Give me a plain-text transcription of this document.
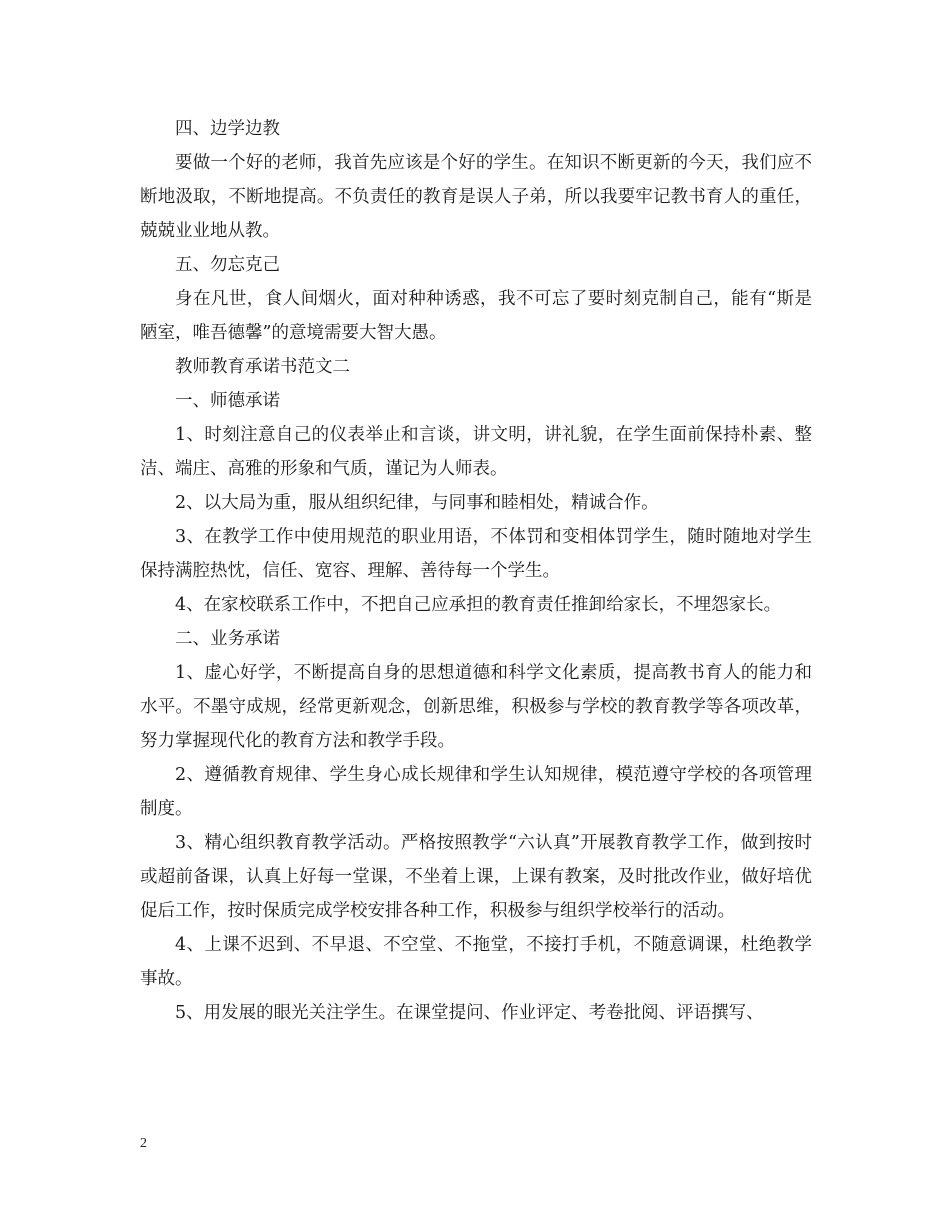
四、边学边教

要做一个好的老师，我首先应该是个好的学生。在知识不断更新的今天，我们应不断地汲取，不断地提高。不负责任的教育是误人子弟，所以我要牢记教书育人的重任，兢兢业业地从教。

五、勿忘克己

身在凡世，食人间烟火，面对种种诱惑，我不可忘了要时刻克制自己，能有“斯是陋室，唯吾德馨”的意境需要大智大愚。

教师教育承诺书范文二

一、师德承诺

1、时刻注意自己的仪表举止和言谈，讲文明，讲礼貌，在学生面前保持朴素、整洁、端庄、高雅的形象和气质，谨记为人师表。

2、以大局为重，服从组织纪律，与同事和睦相处，精诚合作。

3、在教学工作中使用规范的职业用语，不体罚和变相体罚学生，随时随地对学生保持满腔热忱，信任、宽容、理解、善待每一个学生。

4、在家校联系工作中，不把自己应承担的教育责任推卸给家长，不埋怨家长。

二、业务承诺

1、虚心好学，不断提高自身的思想道德和科学文化素质，提高教书育人的能力和水平。不墨守成规，经常更新观念，创新思维，积极参与学校的教育教学等各项改革，努力掌握现代化的教育方法和教学手段。

2、遵循教育规律、学生身心成长规律和学生认知规律，模范遵守学校的各项管理制度。

3、精心组织教育教学活动。严格按照教学“六认真”开展教育教学工作，做到按时或超前备课，认真上好每一堂课，不坐着上课，上课有教案，及时批改作业，做好培优促后工作，按时保质完成学校安排各种工作，积极参与组织学校举行的活动。

4、上课不迟到、不早退、不空堂、不拖堂，不接打手机，不随意调课，杜绝教学事故。

5、用发展的眼光关注学生。在课堂提问、作业评定、考卷批阅、评语撰写、

2
